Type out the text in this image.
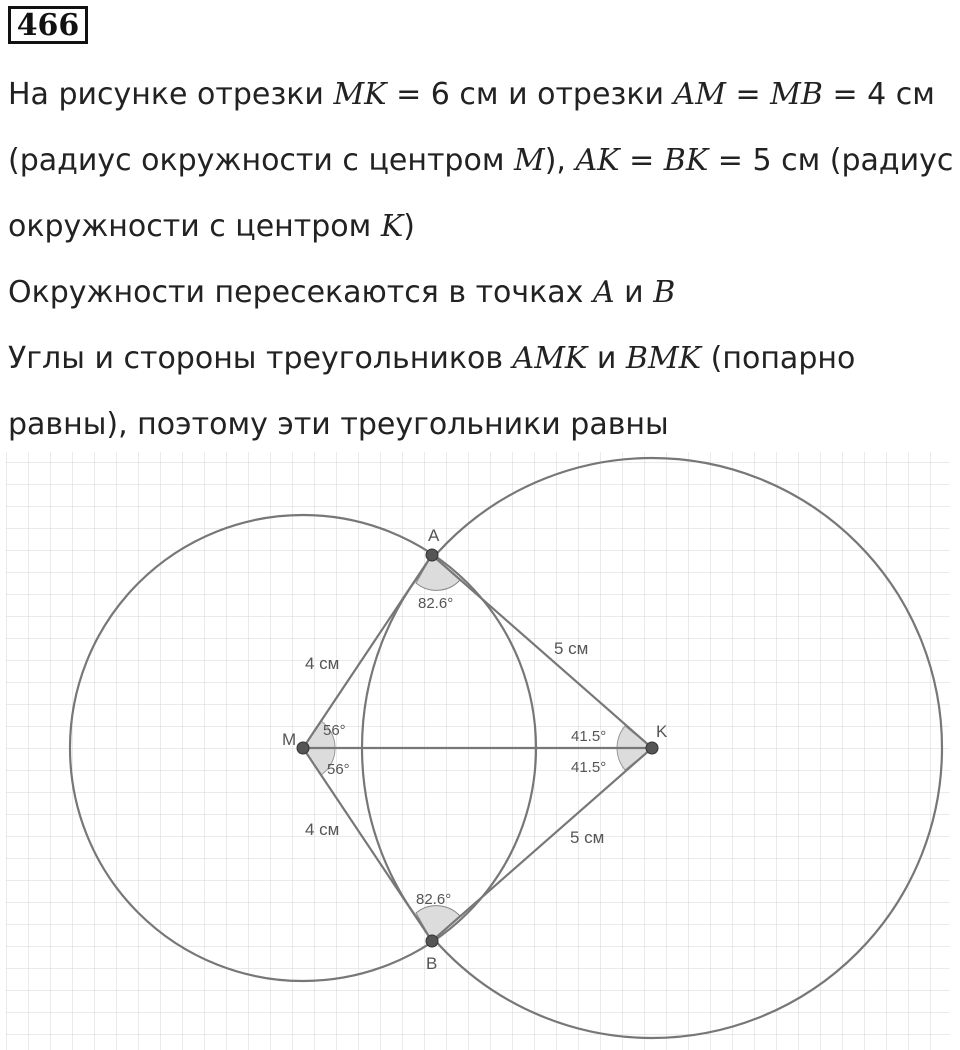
466
На рисунке отрезки MK = 6 см и отрезки AM = MB = 4 см
(радиус окружности с центром M), AK = BK = 5 см (радиус
окружности с центром K)
Окружности пересекаются в точках A и B
Углы и стороны треугольников AMK и BMK (попарно
равны), поэтому эти треугольники равны
A
B
M	K
4 см
4 см
5 см
5 см
82.6°
82.6°
56°
56°
41.5°
41.5°
